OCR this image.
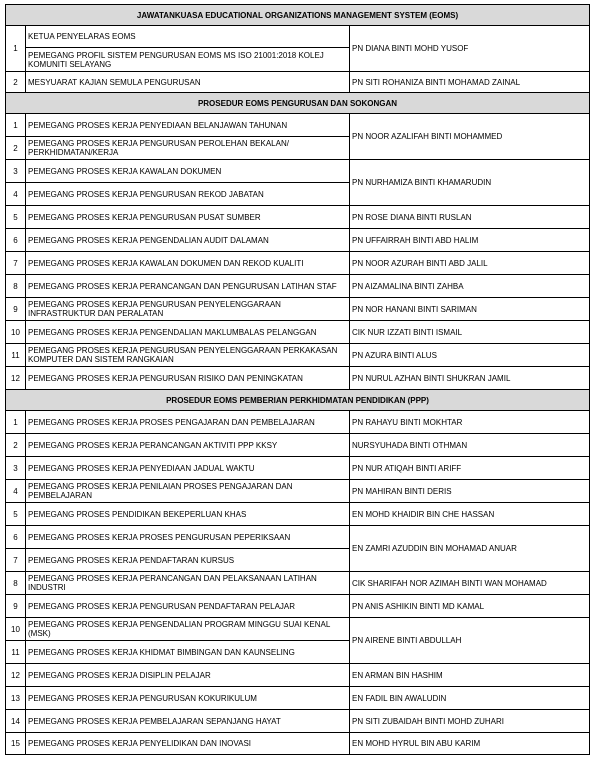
JAWATANKUASA EDUCATIONAL ORGANIZATIONS MANAGEMENT SYSTEM (EOMS)		
1	KETUA PENYELARAS EOMS	PN DIANA BINTI MOHD YUSOF
	PEMEGANG PROFIL SISTEM PENGURUSAN EOMS MS ISO 21001:2018 KOLEJ KOMUNITI SELAYANG	
2	MESYUARAT KAJIAN SEMULA PENGURUSAN	PN SITI ROHANIZA BINTI MOHAMAD ZAINAL
PROSEDUR EOMS PENGURUSAN DAN SOKONGAN		
1	PEMEGANG PROSES KERJA PENYEDIAAN BELANJAWAN TAHUNAN	PN NOOR AZALIFAH BINTI MOHAMMED
2	PEMEGANG PROSES KERJA PENGURUSAN PEROLEHAN BEKALAN/ PERKHIDMATAN/KERJA	
3	PEMEGANG PROSES KERJA KAWALAN DOKUMEN	PN NURHAMIZA BINTI KHAMARUDIN
4	PEMEGANG PROSES KERJA PENGURUSAN REKOD JABATAN	
5	PEMEGANG PROSES KERJA PENGURUSAN PUSAT SUMBER	PN ROSE DIANA BINTI RUSLAN
6	PEMEGANG PROSES KERJA PENGENDALIAN AUDIT DALAMAN	PN UFFAIRRAH BINTI ABD HALIM
7	PEMEGANG PROSES KERJA KAWALAN DOKUMEN DAN REKOD KUALITI	PN NOOR AZURAH BINTI ABD JALIL
8	PEMEGANG PROSES KERJA PERANCANGAN DAN PENGURUSAN LATIHAN STAF	PN AIZAMALINA BINTI ZAHBA
9	PEMEGANG PROSES KERJA PENGURUSAN PENYELENGGARAAN INFRASTRUKTUR DAN PERALATAN	PN NOR HANANI BINTI SARIMAN
10	PEMEGANG PROSES KERJA PENGENDALIAN MAKLUMBALAS PELANGGAN	CIK NUR IZZATI BINTI ISMAIL
11	PEMEGANG PROSES KERJA PENGURUSAN PENYELENGGARAAN PERKAKASAN KOMPUTER DAN SISTEM RANGKAIAN	PN AZURA BINTI ALUS
12	PEMEGANG PROSES KERJA PENGURUSAN RISIKO DAN PENINGKATAN	PN NURUL AZHAN BINTI SHUKRAN JAMIL
PROSEDUR EOMS PEMBERIAN PERKHIDMATAN PENDIDIKAN (PPP)		
1	PEMEGANG PROSES KERJA PROSES PENGAJARAN DAN PEMBELAJARAN	PN RAHAYU BINTI MOKHTAR
2	PEMEGANG PROSES KERJA PERANCANGAN AKTIVITI PPP KKSY	NURSYUHADA BINTI OTHMAN
3	PEMEGANG PROSES KERJA PENYEDIAAN JADUAL WAKTU	PN NUR ATIQAH BINTI ARIFF
4	PEMEGANG PROSES KERJA PENILAIAN PROSES PENGAJARAN DAN PEMBELAJARAN	PN MAHIRAN BINTI DERIS
5	PEMEGANG PROSES PENDIDIKAN BEKEPERLUAN KHAS	EN MOHD KHAIDIR BIN CHE HASSAN
6	PEMEGANG PROSES KERJA PROSES PENGURUSAN PEPERIKSAAN	EN ZAMRI AZUDDIN BIN MOHAMAD ANUAR
7	PEMEGANG PROSES KERJA PENDAFTARAN KURSUS	
8	PEMEGANG PROSES KERJA PERANCANGAN DAN PELAKSANAAN LATIHAN INDUSTRI	CIK SHARIFAH NOR AZIMAH BINTI WAN MOHAMAD
9	PEMEGANG PROSES KERJA PENGURUSAN PENDAFTARAN PELAJAR	PN ANIS ASHIKIN BINTI MD KAMAL
10	PEMEGANG PROSES KERJA PENGENDALIAN PROGRAM MINGGU SUAI KENAL (MSK)	PN AIRENE BINTI ABDULLAH
11	PEMEGANG PROSES KERJA KHIDMAT BIMBINGAN DAN KAUNSELING	
12	PEMEGANG PROSES KERJA DISIPLIN PELAJAR	EN ARMAN BIN HASHIM
13	PEMEGANG PROSES KERJA PENGURUSAN KOKURIKULUM	EN FADIL BIN AWALUDIN
14	PEMEGANG PROSES KERJA PEMBELAJARAN SEPANJANG HAYAT	PN SITI ZUBAIDAH BINTI MOHD ZUHARI
15	PEMEGANG PROSES KERJA PENYELIDIKAN DAN INOVASI	EN MOHD HYRUL BIN ABU KARIM
